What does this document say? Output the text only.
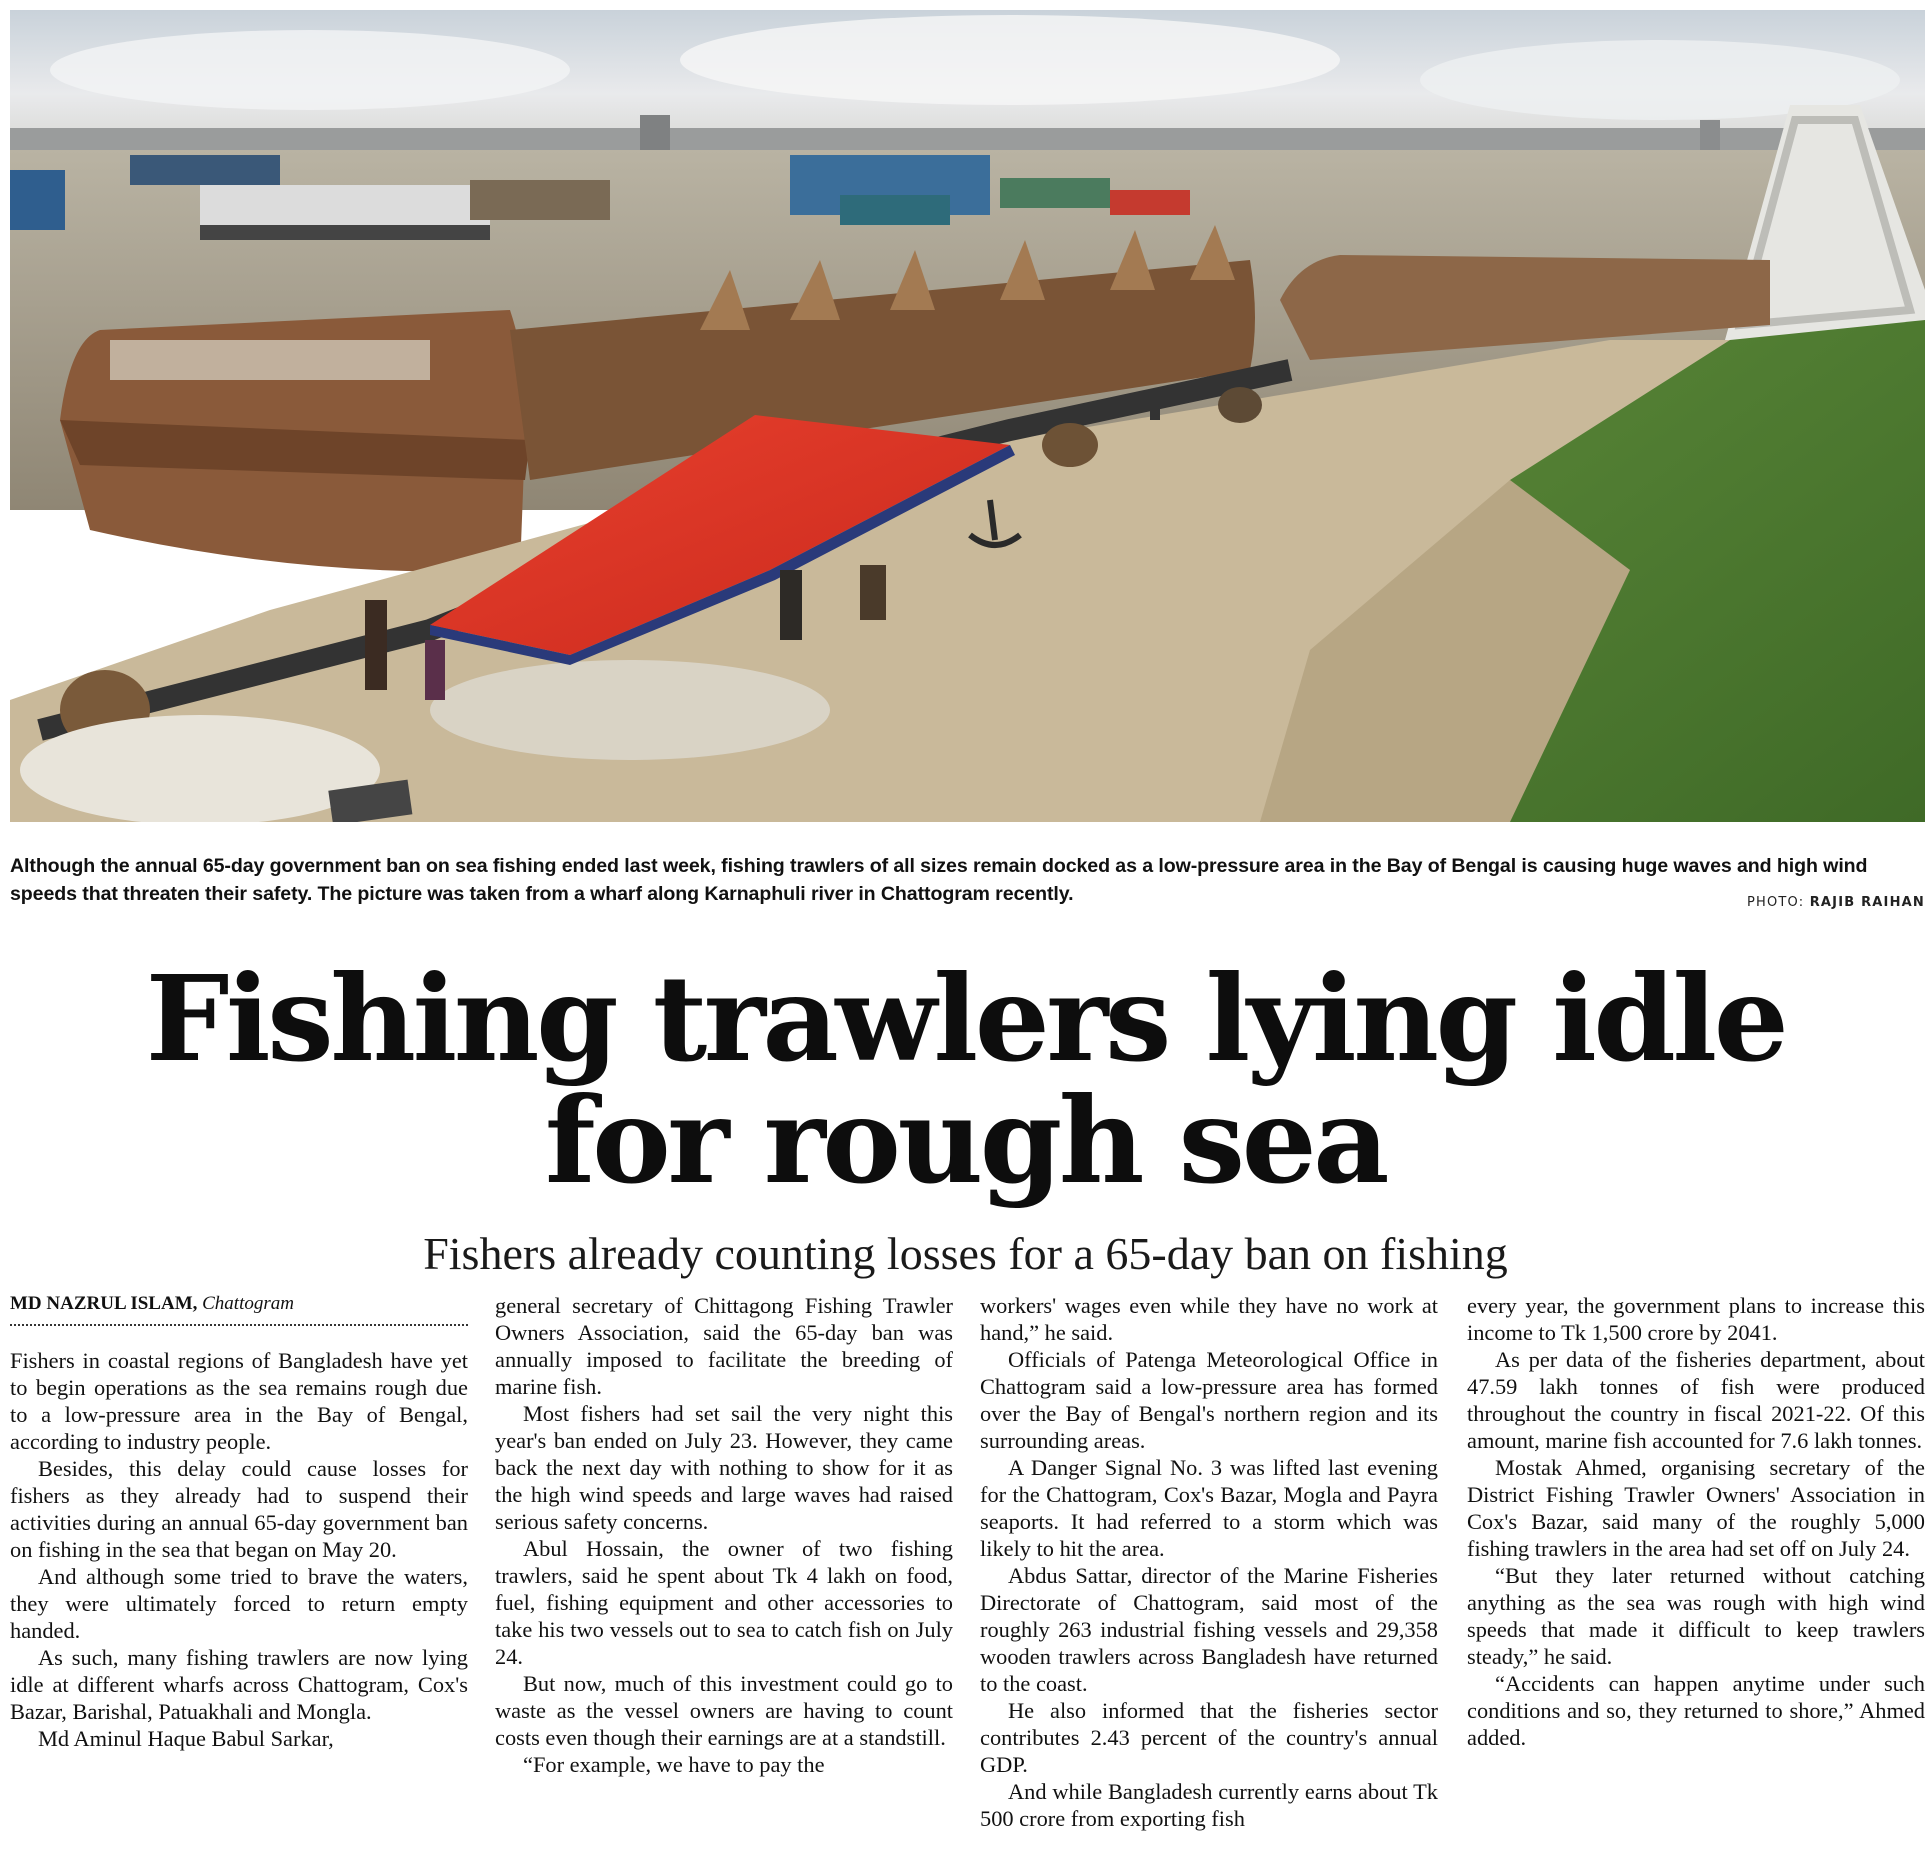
Although the annual 65-day government ban on sea fishing ended last week, fishing trawlers of all sizes remain docked as a low-pressure area in the Bay of Bengal is causing huge waves and high wind speeds that threaten their safety. The picture was taken from a wharf along Karnaphuli river in Chattogram recently.	PHOTO: RAJIB RAIHAN
Fishing trawlers lying idle
for rough sea
Fishers already counting losses for a 65-day ban on fishing
MD NAZRUL ISLAM, Chattogram

Fishers in coastal regions of Bangladesh have yet to begin operations as the sea remains rough due to a low-pressure area in the Bay of Bengal, according to industry people.

Besides, this delay could cause losses for fishers as they already had to suspend their activities during an annual 65-day government ban on fishing in the sea that began on May 20.

And although some tried to brave the waters, they were ultimately forced to return empty handed.

As such, many fishing trawlers are now lying idle at different wharfs across Chattogram, Cox's Bazar, Barishal, Patuakhali and Mongla.

Md Aminul Haque Babul Sarkar,

general secretary of Chittagong Fishing Trawler Owners Association, said the 65-day ban was annually imposed to facilitate the breeding of marine fish.

Most fishers had set sail the very night this year's ban ended on July 23. However, they came back the next day with nothing to show for it as the high wind speeds and large waves had raised serious safety concerns.

Abul Hossain, the owner of two fishing trawlers, said he spent about Tk 4 lakh on food, fuel, fishing equipment and other accessories to take his two vessels out to sea to catch fish on July 24.

But now, much of this investment could go to waste as the vessel owners are having to count costs even though their earnings are at a standstill.

“For example, we have to pay the

workers' wages even while they have no work at hand,” he said.

Officials of Patenga Meteorological Office in Chattogram said a low-pressure area has formed over the Bay of Bengal's northern region and its surrounding areas.

A Danger Signal No. 3 was lifted last evening for the Chattogram, Cox's Bazar, Mogla and Payra seaports. It had referred to a storm which was likely to hit the area.

Abdus Sattar, director of the Marine Fisheries Directorate of Chattogram, said most of the roughly 263 industrial fishing vessels and 29,358 wooden trawlers across Bangladesh have returned to the coast.

He also informed that the fisheries sector contributes 2.43 percent of the country's annual GDP.

And while Bangladesh currently earns about Tk 500 crore from exporting fish

every year, the government plans to increase this income to Tk 1,500 crore by 2041.

As per data of the fisheries department, about 47.59 lakh tonnes of fish were produced throughout the country in fiscal 2021-22. Of this amount, marine fish accounted for 7.6 lakh tonnes.

Mostak Ahmed, organising secretary of the District Fishing Trawler Owners' Association in Cox's Bazar, said many of the roughly 5,000 fishing trawlers in the area had set off on July 24.

“But they later returned without catching anything as the sea was rough with high wind speeds that made it difficult to keep trawlers steady,” he said.

“Accidents can happen anytime under such conditions and so, they returned to shore,” Ahmed added.
